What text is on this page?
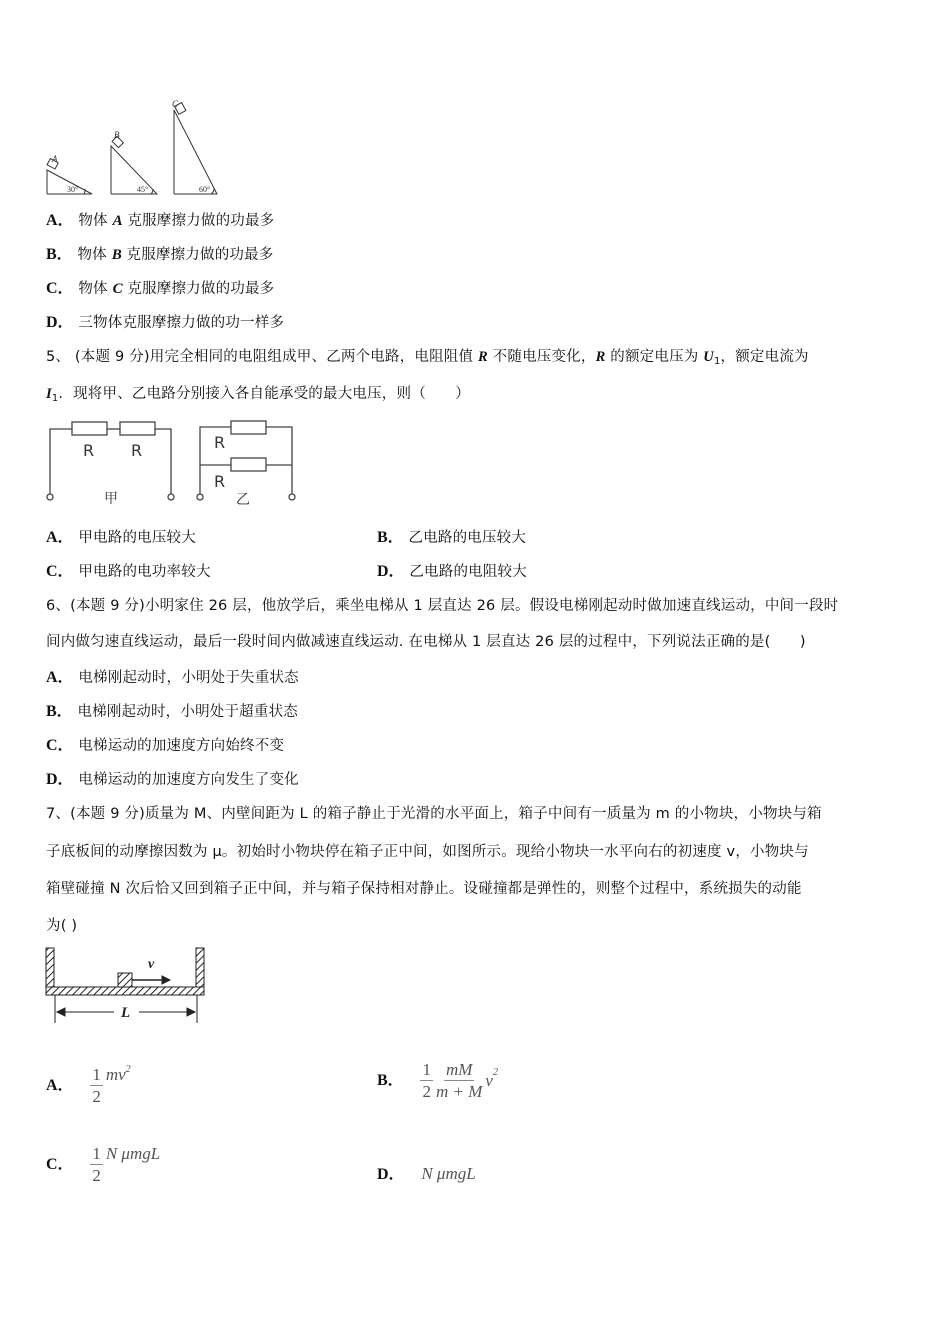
A
B
C
30°	45°	60°
A． 物体 A 克服摩擦力做的功最多
B． 物体 B 克服摩擦力做的功最多
C． 物体 C 克服摩擦力做的功最多
D． 三物体克服摩擦力做的功一样多
5、 (本题 9 分)用完全相同的电阻组成甲、乙两个电路，电阻阻值 R 不随电压变化，R 的额定电压为 $U_1$，额定电流为
$I_1$．现将甲、乙电路分别接入各自能承受的最大电压，则（　　）
R R	R
R
甲	乙
A． 甲电路的电压较大	B． 乙电路的电压较大
C． 甲电路的电功率较大	D． 乙电路的电阻较大
6、(本题 9 分)小明家住 26 层，他放学后，乘坐电梯从 1 层直达 26 层。假设电梯刚起动时做加速直线运动，中间一段时
间内做匀速直线运动，最后一段时间内做减速直线运动. 在电梯从 1 层直达 26 层的过程中，下列说法正确的是(　　)
A． 电梯刚起动时，小明处于失重状态
B． 电梯刚起动时，小明处于超重状态
C． 电梯运动的加速度方向始终不变
D． 电梯运动的加速度方向发生了变化
7、(本题 9 分)质量为 M、内壁间距为 L 的箱子静止于光滑的水平面上，箱子中间有一质量为 m 的小物块，小物块与箱
子底板间的动摩擦因数为 μ。初始时小物块停在箱子正中间，如图所示。现给小物块一水平向右的初速度 v，小物块与
箱壁碰撞 N 次后恰又回到箱子正中间，并与箱子保持相对静止。设碰撞都是弹性的，则整个过程中，系统损失的动能
为( )
v
L
A． $\frac{1}{2} mv^2$
B． $\frac{1}{2} \frac{mM}{m + M} v^2$
C． $\frac{1}{2}$ N μmgL
D． N μmgL
